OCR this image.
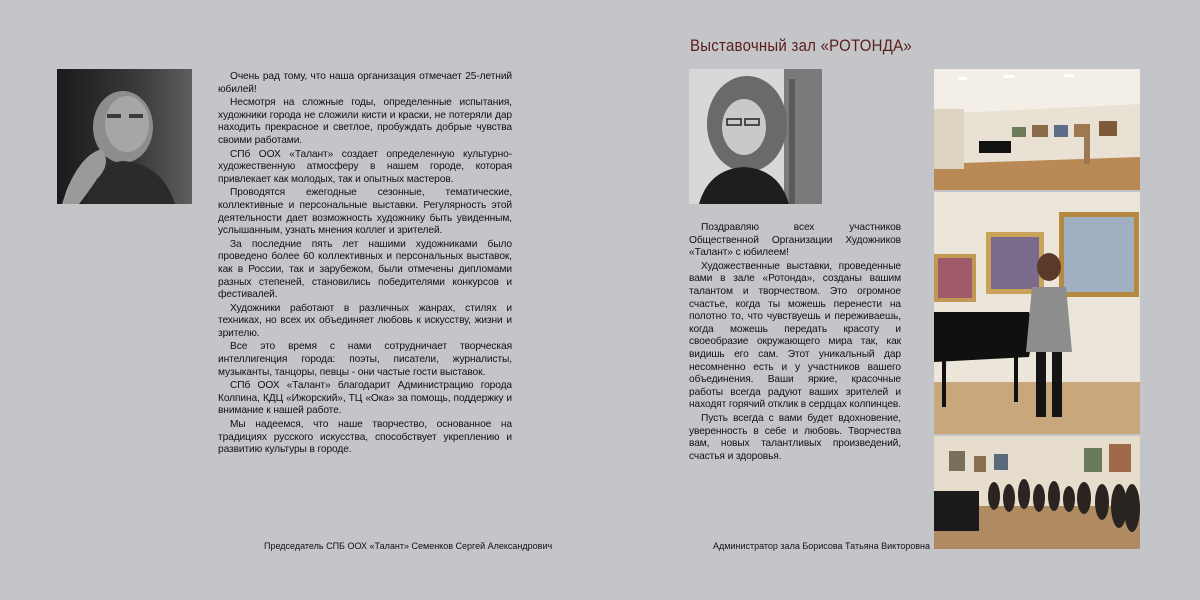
Очень рад тому, что наша организация отмечает 25-летний юбилей!

Несмотря на сложные годы, определенные испытания, художники города не сложили кисти и краски, не потеряли дар находить прекрасное и светлое, пробуждать добрые чувства своими работами.

СПб ООХ «Талант» создает определенную культурно-художественную атмосферу в нашем городе, которая привлекает как молодых, так и опытных мастеров.

Проводятся ежегодные сезонные, тематические, коллективные и персональные выставки. Регулярность этой деятельности дает возможность художнику быть увиденным, услышанным, узнать мнения коллег и зрителей.

За последние пять лет нашими художниками было проведено более 60 коллективных и персональных выставок, как в России, так и зарубежом, были отмечены дипломами разных степеней, становились победителями конкурсов и фестивалей.

Художники работают в различных жанрах, стилях и техниках, но всех их объединяет любовь к искусству, жизни и зрителю.

Все это время с нами сотрудничает творческая интеллигенция города: поэты, писатели, журналисты, музыканты, танцоры, певцы - они частые гости выставок.

СПб ООХ «Талант» благодарит Администрацию города Колпина, КДЦ «Ижорский», ТЦ «Ока» за помощь, поддержку и внимание к нашей работе.

Мы надеемся, что наше творчество, основанное на традициях русского искусства, способствует укреплению и развитию культуры в городе.

Председатель СПБ ООХ «Талант» Семенков Сергей Александрович
Выставочный зал «РОТОНДА»

Поздравляю всех участников Общественной Организации Художников «Талант» с юбилеем!

Художественные выставки, проведенные вами в зале «Ротонда», созданы вашим талантом и творчеством. Это огромное счастье, когда ты можешь перенести на полотно то, что чувствуешь и переживаешь, когда можешь передать красоту и своеобразие окружающего мира так, как видишь его сам. Этот уникальный дар несомненно есть и у участников вашего объединения. Ваши яркие, красочные работы всегда радуют ваших зрителей и находят горячий отклик в сердцах колпинцев.

Пусть всегда с вами будет вдохновение, уверенность в себе и любовь. Творчества вам, новых талантливых произведений, счастья и здоровья.

Администратор зала Борисова Татьяна Викторовна
